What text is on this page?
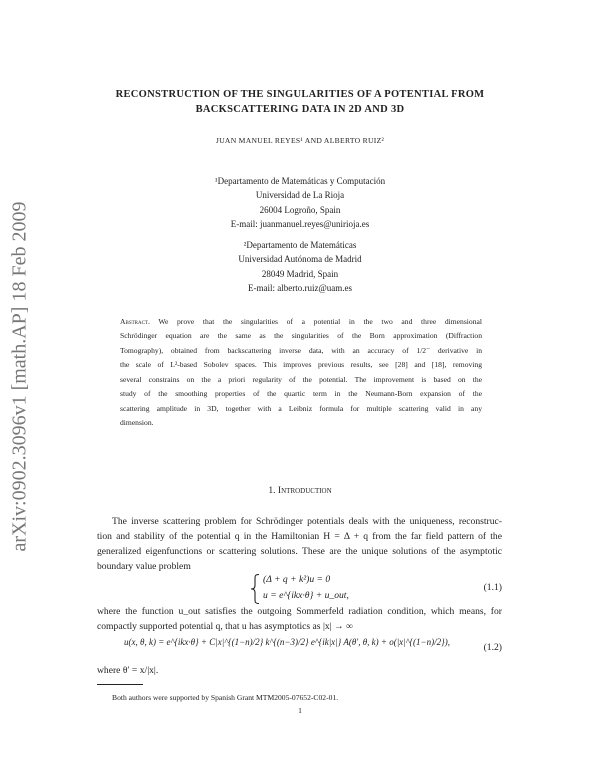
arXiv:0902.3096v1 [math.AP] 18 Feb 2009
RECONSTRUCTION OF THE SINGULARITIES OF A POTENTIAL FROM
BACKSCATTERING DATA IN 2D AND 3D
JUAN MANUEL REYES¹ AND ALBERTO RUIZ²
¹Departamento de Matemáticas y Computación
Universidad de La Rioja
26004 Logroño, Spain
E-mail: juanmanuel.reyes@unirioja.es
²Departamento de Matemáticas
Universidad Autónoma de Madrid
28049 Madrid, Spain
E-mail: alberto.ruiz@uam.es
Abstract. We prove that the singularities of a potential in the two and three dimensional
Schrödinger equation are the same as the singularities of the Born approximation (Diffraction
Tomography), obtained from backscattering inverse data, with an accuracy of 1/2⁻ derivative in
the scale of L²-based Sobolev spaces. This improves previous results, see [28] and [18], removing
several constrains on the a priori regularity of the potential. The improvement is based on the
study of the smoothing properties of the quartic term in the Neumann-Born expansion of the
scattering amplitude in 3D, together with a Leibniz formula for multiple scattering valid in any
dimension.
1. Introduction
The inverse scattering problem for Schrödinger potentials deals with the uniqueness, reconstruc-
tion and stability of the potential q in the Hamiltonian H = Δ + q from the far field pattern of the
generalized eigenfunctions or scattering solutions. These are the unique solutions of the asymptotic
boundary value problem
(Δ + q + k²)u = 0
u = e^{ikx·θ} + u_out,
(1.1)
where the function u_out satisfies the outgoing Sommerfeld radiation condition, which means, for
compactly supported potential q, that u has asymptotics as |x| → ∞
u(x, θ, k) = e^{ikx·θ} + C|x|^{(1−n)/2} k^{(n−3)/2} e^{ik|x|} A(θ′, θ, k) + o(|x|^{(1−n)/2}),	(1.2)
where θ′ = x/|x|.
Both authors were supported by Spanish Grant MTM2005-07652-C02-01.
1
